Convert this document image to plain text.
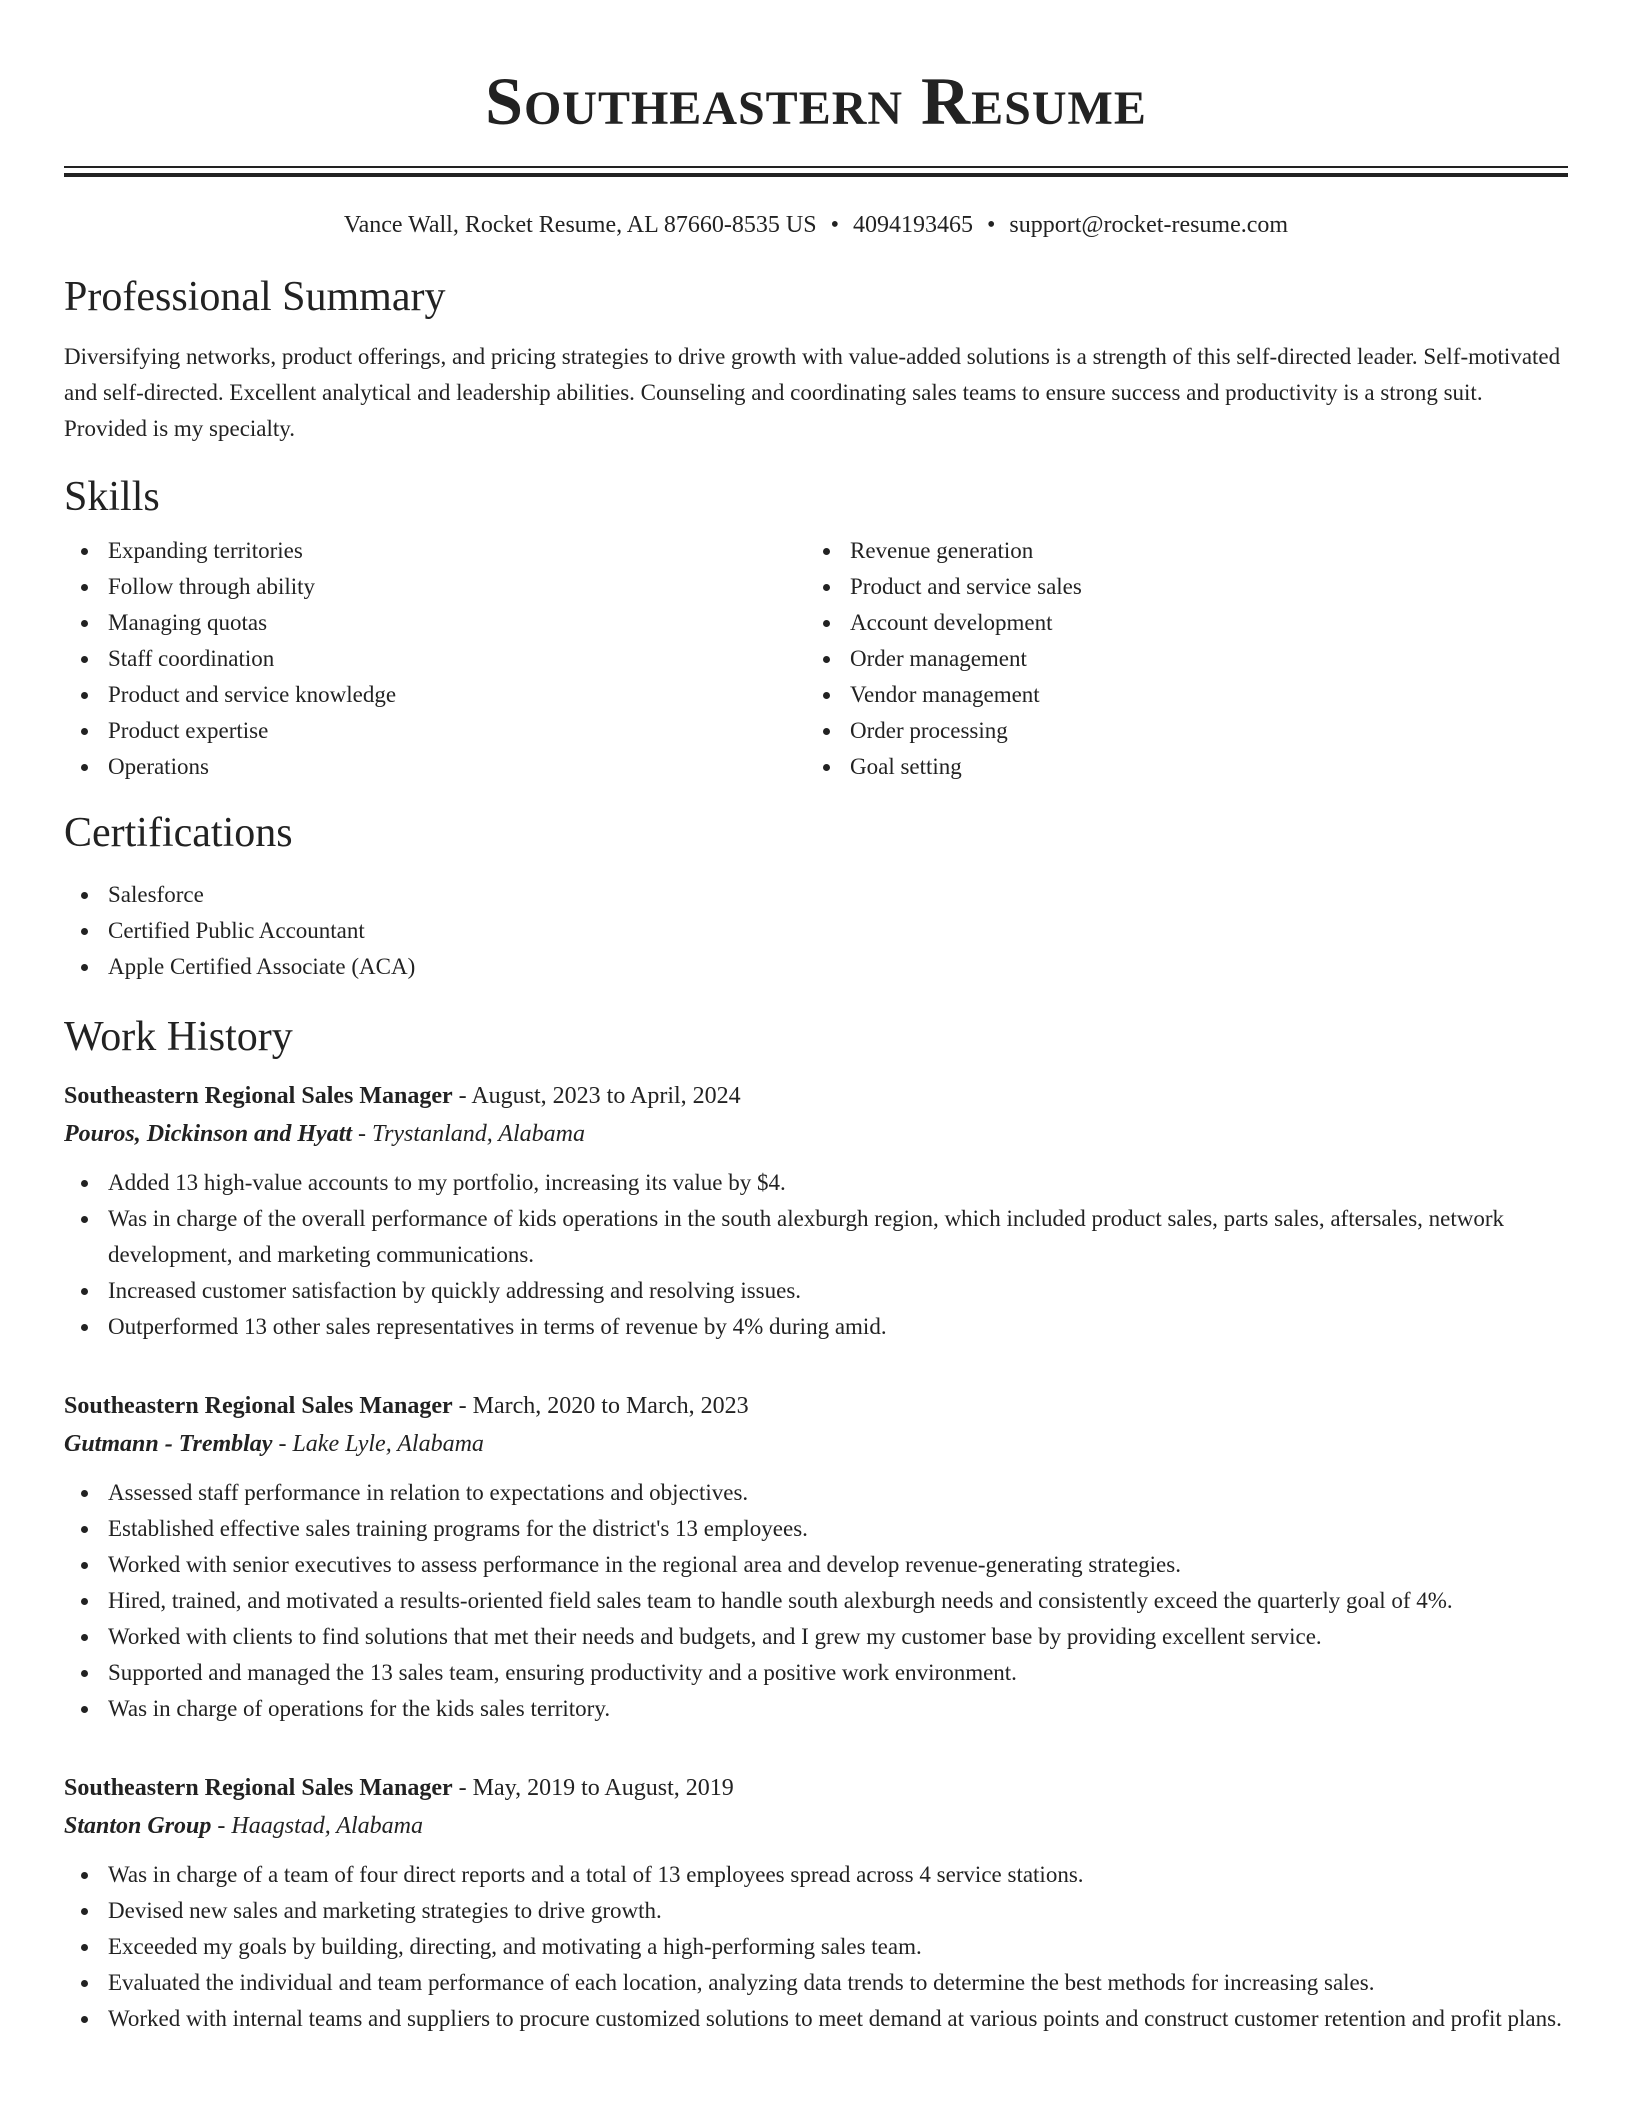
Southeastern Resume
Vance Wall, Rocket Resume, AL 87660-8535 US • 4094193465 • support@rocket-resume.com
Professional Summary

Diversifying networks, product offerings, and pricing strategies to drive growth with value-added solutions is a strength of this self-directed leader. Self-motivated and self-directed. Excellent analytical and leadership abilities. Counseling and coordinating sales teams to ensure success and productivity is a strong suit. Provided is my specialty.

Skills
Expanding territories
Follow through ability
Managing quotas
Staff coordination
Product and service knowledge
Product expertise
Operations
Revenue generation
Product and service sales
Account development
Order management
Vendor management
Order processing
Goal setting
Certifications
Salesforce
Certified Public Accountant
Apple Certified Associate (ACA)
Work History
Southeastern Regional Sales Manager - August, 2023 to April, 2024
Pouros, Dickinson and Hyatt - Trystanland, Alabama
Added 13 high-value accounts to my portfolio, increasing its value by $4.
Was in charge of the overall performance of kids operations in the south alexburgh region, which included product sales, parts sales, aftersales, network development, and marketing communications.
Increased customer satisfaction by quickly addressing and resolving issues.
Outperformed 13 other sales representatives in terms of revenue by 4% during amid.
Southeastern Regional Sales Manager - March, 2020 to March, 2023
Gutmann - Tremblay - Lake Lyle, Alabama
Assessed staff performance in relation to expectations and objectives.
Established effective sales training programs for the district's 13 employees.
Worked with senior executives to assess performance in the regional area and develop revenue-generating strategies.
Hired, trained, and motivated a results-oriented field sales team to handle south alexburgh needs and consistently exceed the quarterly goal of 4%.
Worked with clients to find solutions that met their needs and budgets, and I grew my customer base by providing excellent service.
Supported and managed the 13 sales team, ensuring productivity and a positive work environment.
Was in charge of operations for the kids sales territory.
Southeastern Regional Sales Manager - May, 2019 to August, 2019
Stanton Group - Haagstad, Alabama
Was in charge of a team of four direct reports and a total of 13 employees spread across 4 service stations.
Devised new sales and marketing strategies to drive growth.
Exceeded my goals by building, directing, and motivating a high-performing sales team.
Evaluated the individual and team performance of each location, analyzing data trends to determine the best methods for increasing sales.
Worked with internal teams and suppliers to procure customized solutions to meet demand at various points and construct customer retention and profit plans.
